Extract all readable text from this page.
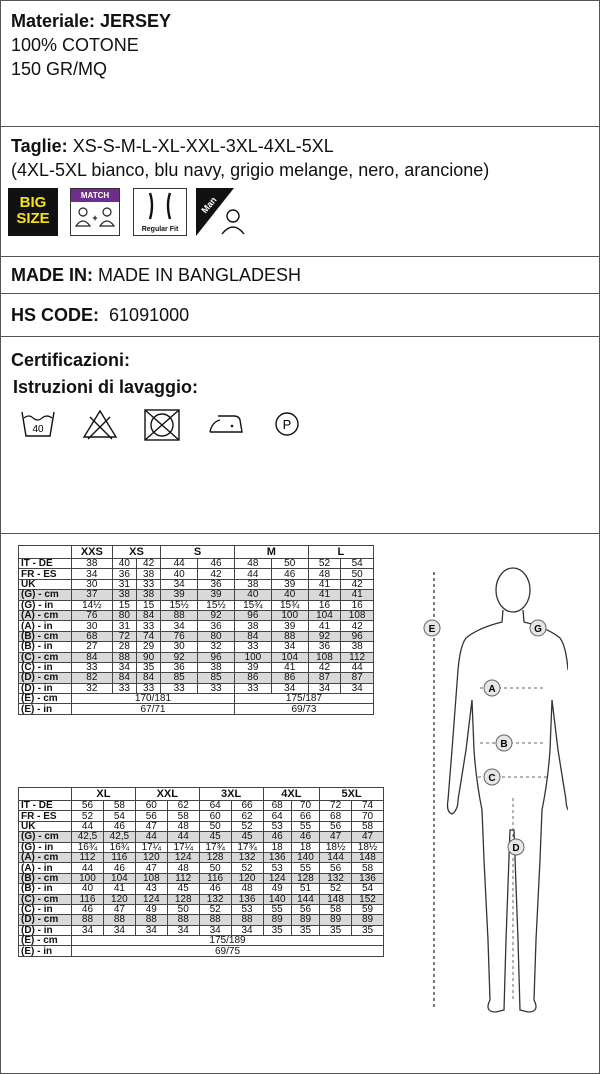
Materiale: JERSEY
100% COTONE
150 GR/MQ
Taglie: XS-S-M-L-XL-XXL-3XL-4XL-5XL
(4XL-5XL bianco, blu navy, grigio melange, nero, arancione)
BIG
SIZE
MATCH
+
Regular Fit
Man
MADE IN: MADE IN BANGLADESH
HS CODE: 61091000
Certificazioni:
Istruzioni di lavaggio:
40	P
	XXS	XS		S		M		L	
IT - DE	38	40	42	44	46	48	50	52	54
FR - ES	34	36	38	40	42	44	46	48	50
UK	30	31	33	34	36	38	39	41	42
(G) - cm	37	38	38	39	39	40	40	41	41
(G) - in	14½	15	15	15½	15½	15¾	15¾	16	16
(A) - cm	76	80	84	88	92	96	100	104	108
(A) - in	30	31	33	34	36	38	39	41	42
(B) - cm	68	72	74	76	80	84	88	92	96
(B) - in	27	28	29	30	32	33	34	36	38
(C) - cm	84	88	90	92	96	100	104	108	112
(C) - in	33	34	35	36	38	39	41	42	44
(D) - cm	82	84	84	85	85	86	86	87	87
(D) - in	32	33	33	33	33	33	34	34	34
(E) - cm	170/181					175/187			
(E) - in	67/71					69/73			
	XL		XXL		3XL		4XL		5XL	
IT - DE	56	58	60	62	64	66	68	70	72	74
FR - ES	52	54	56	58	60	62	64	66	68	70
UK	44	46	47	48	50	52	53	55	56	58
(G) - cm	42,5	42,5	44	44	45	45	46	46	47	47
(G) - in	16¾	16¾	17¼	17¼	17¾	17¾	18	18	18½	18½
(A) - cm	112	116	120	124	128	132	136	140	144	148
(A) - in	44	46	47	48	50	52	53	55	56	58
(B) - cm	100	104	108	112	116	120	124	128	132	136
(B) - in	40	41	43	45	46	48	49	51	52	54
(C) - cm	116	120	124	128	132	136	140	144	148	152
(C) - in	46	47	49	50	52	53	55	56	58	59
(D) - cm	88	88	88	88	88	88	89	89	89	89
(D) - in	34	34	34	34	34	34	35	35	35	35
(E) - cm	175/189									
(E) - in	69/75									
E	G
A
B
C
D
